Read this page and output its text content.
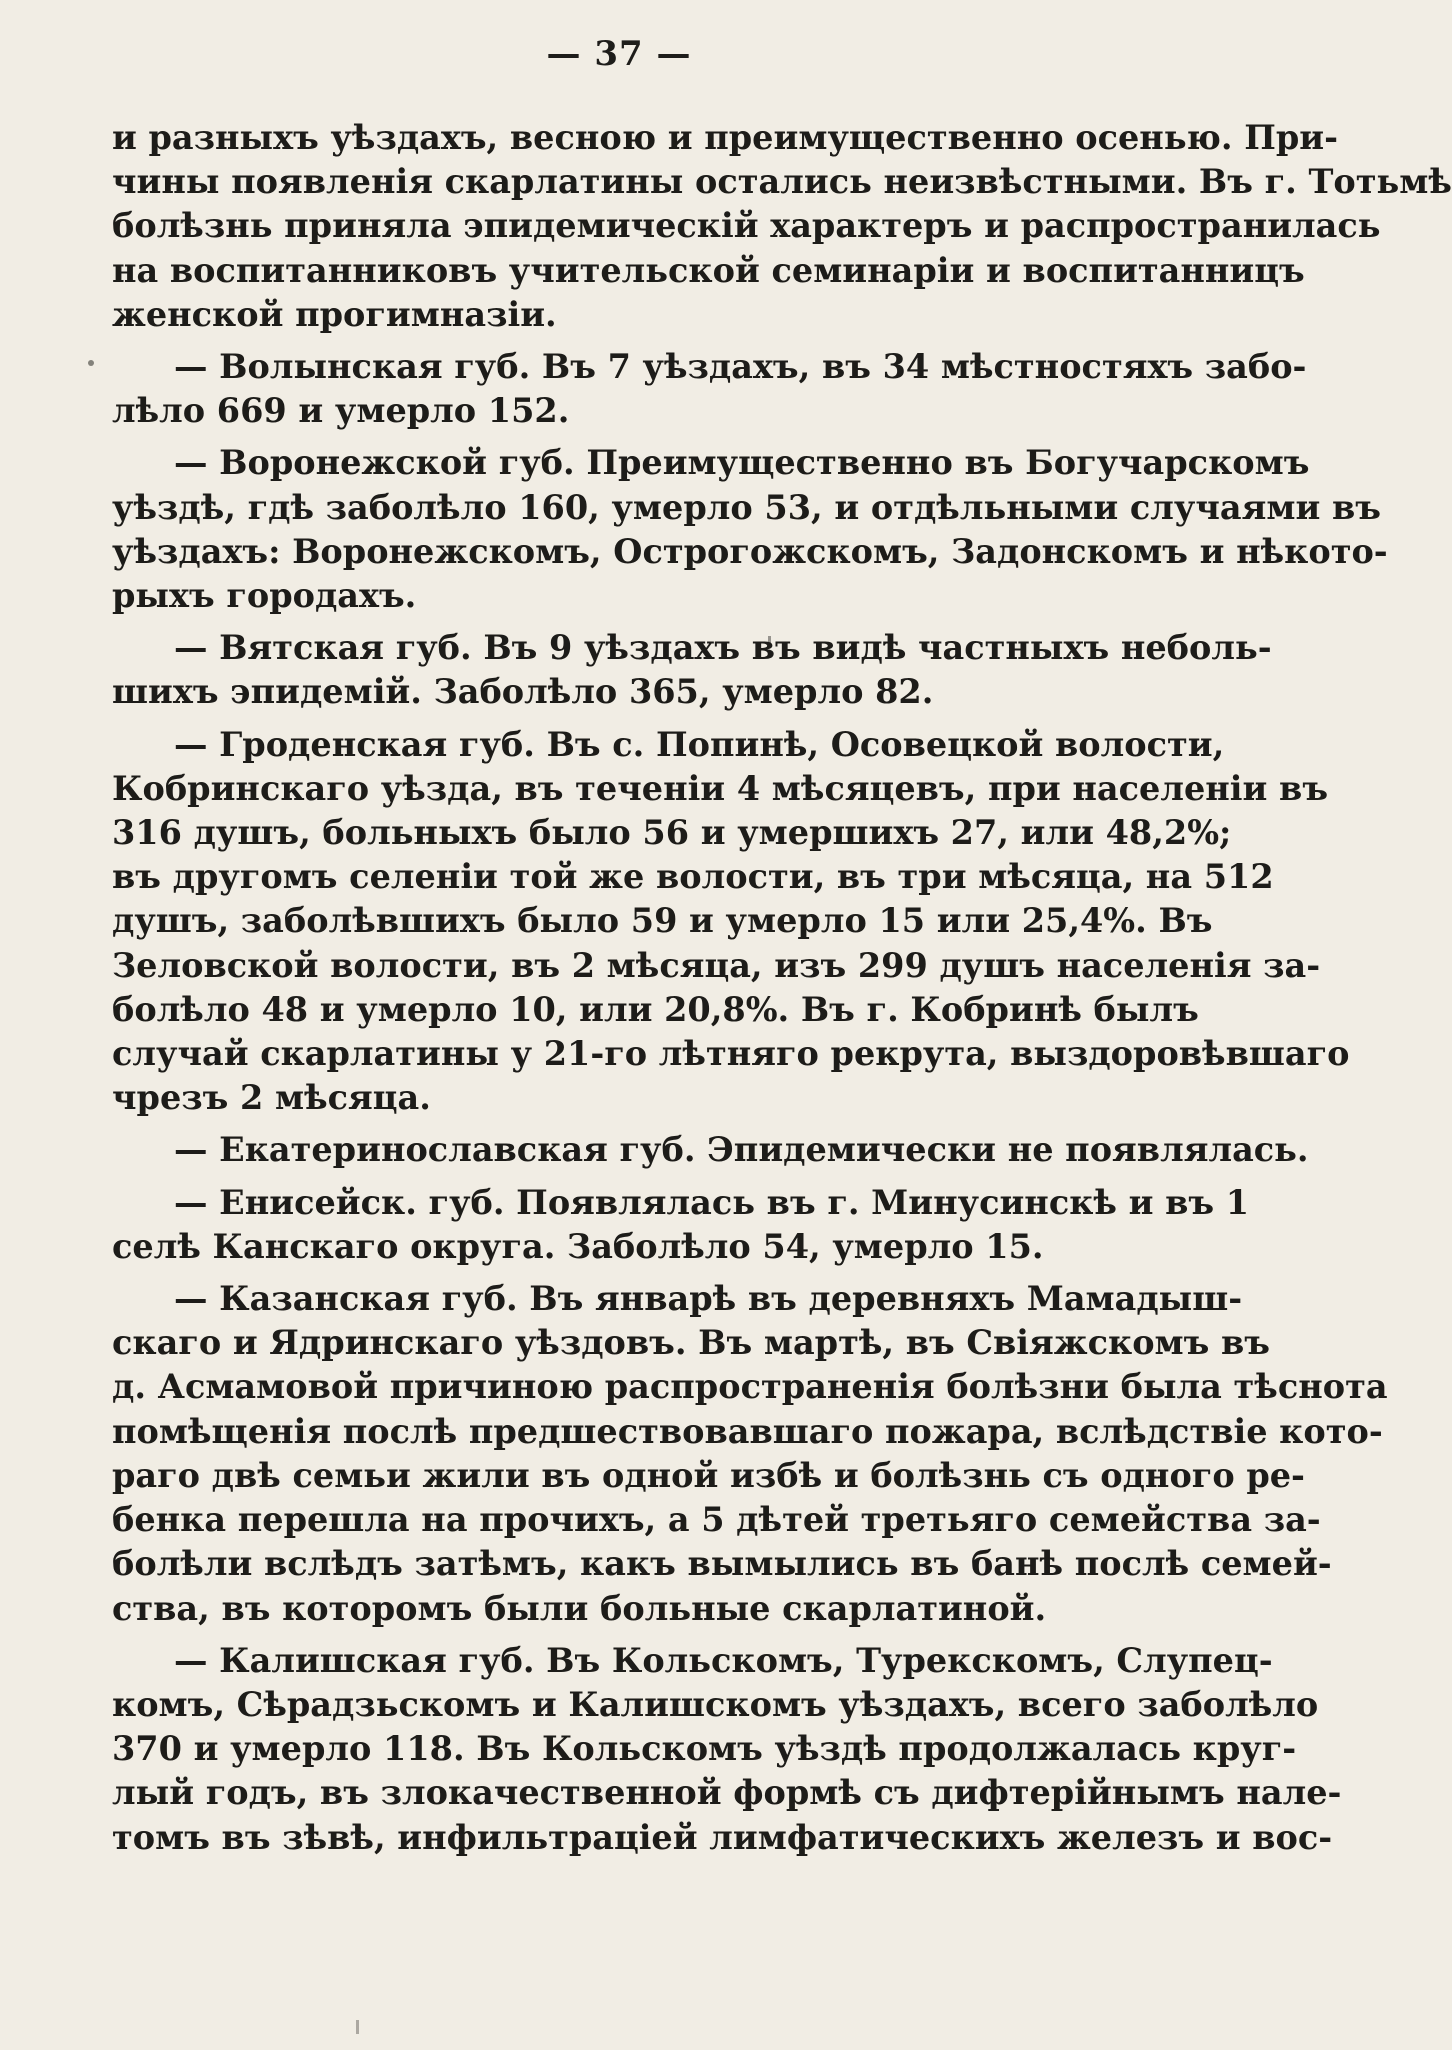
— 37 —
и разныхъ уѣздахъ, весною и преимущественно осенью. При-
чины появленія скарлатины остались неизвѣстными. Въ г. Тотьмѣ
болѣзнь приняла эпидемическій характеръ и распространилась
на воспитанниковъ учительской семинаріи и воспитанницъ
женской прогимназіи.
— Волынская губ. Въ 7 уѣздахъ, въ 34 мѣстностяхъ забо-
лѣло 669 и умерло 152.
— Воронежской губ. Преимущественно въ Богучарскомъ
уѣздѣ, гдѣ заболѣло 160, умерло 53, и отдѣльными случаями въ
уѣздахъ: Воронежскомъ, Острогожскомъ, Задонскомъ и нѣкото-
рыхъ городахъ.
— Вятская губ. Въ 9 уѣздахъ въ видѣ частныхъ неболь-
шихъ эпидемій. Заболѣло 365, умерло 82.
— Гроденская губ. Въ с. Попинѣ, Осовецкой волости,
Кобринскаго уѣзда, въ теченіи 4 мѣсяцевъ, при населеніи въ
316 душъ, больныхъ было 56 и умершихъ 27, или 48,2%;
въ другомъ селеніи той же волости, въ три мѣсяца, на 512
душъ, заболѣвшихъ было 59 и умерло 15 или 25,4%. Въ
Зеловской волости, въ 2 мѣсяца, изъ 299 душъ населенія за-
болѣло 48 и умерло 10, или 20,8%. Въ г. Кобринѣ былъ
случай скарлатины у 21-го лѣтняго рекрута, выздоровѣвшаго
чрезъ 2 мѣсяца.
— Екатеринославская губ. Эпидемически не появлялась.
— Енисейск. губ. Появлялась въ г. Минусинскѣ и въ 1
селѣ Канскаго округа. Заболѣло 54, умерло 15.
— Казанская губ. Въ январѣ въ деревняхъ Мамадыш-
скаго и Ядринскаго уѣздовъ. Въ мартѣ, въ Свіяжскомъ въ
д. Асмамовой причиною распространенія болѣзни была тѣснота
помѣщенія послѣ предшествовавшаго пожара, вслѣдствіе кото-
раго двѣ семьи жили въ одной избѣ и болѣзнь съ одного ре-
бенка перешла на прочихъ, а 5 дѣтей третьяго семейства за-
болѣли вслѣдъ затѣмъ, какъ вымылись въ банѣ послѣ семей-
ства, въ которомъ были больные скарлатиной.
— Калишская губ. Въ Кольскомъ, Турекскомъ, Слупец-
комъ, Сѣрадзьскомъ и Калишскомъ уѣздахъ, всего заболѣло
370 и умерло 118. Въ Кольскомъ уѣздѣ продолжалась круг-
лый годъ, въ злокачественной формѣ съ дифтерійнымъ нале-
томъ въ зѣвѣ, инфильтраціей лимфатическихъ железъ и вос-
